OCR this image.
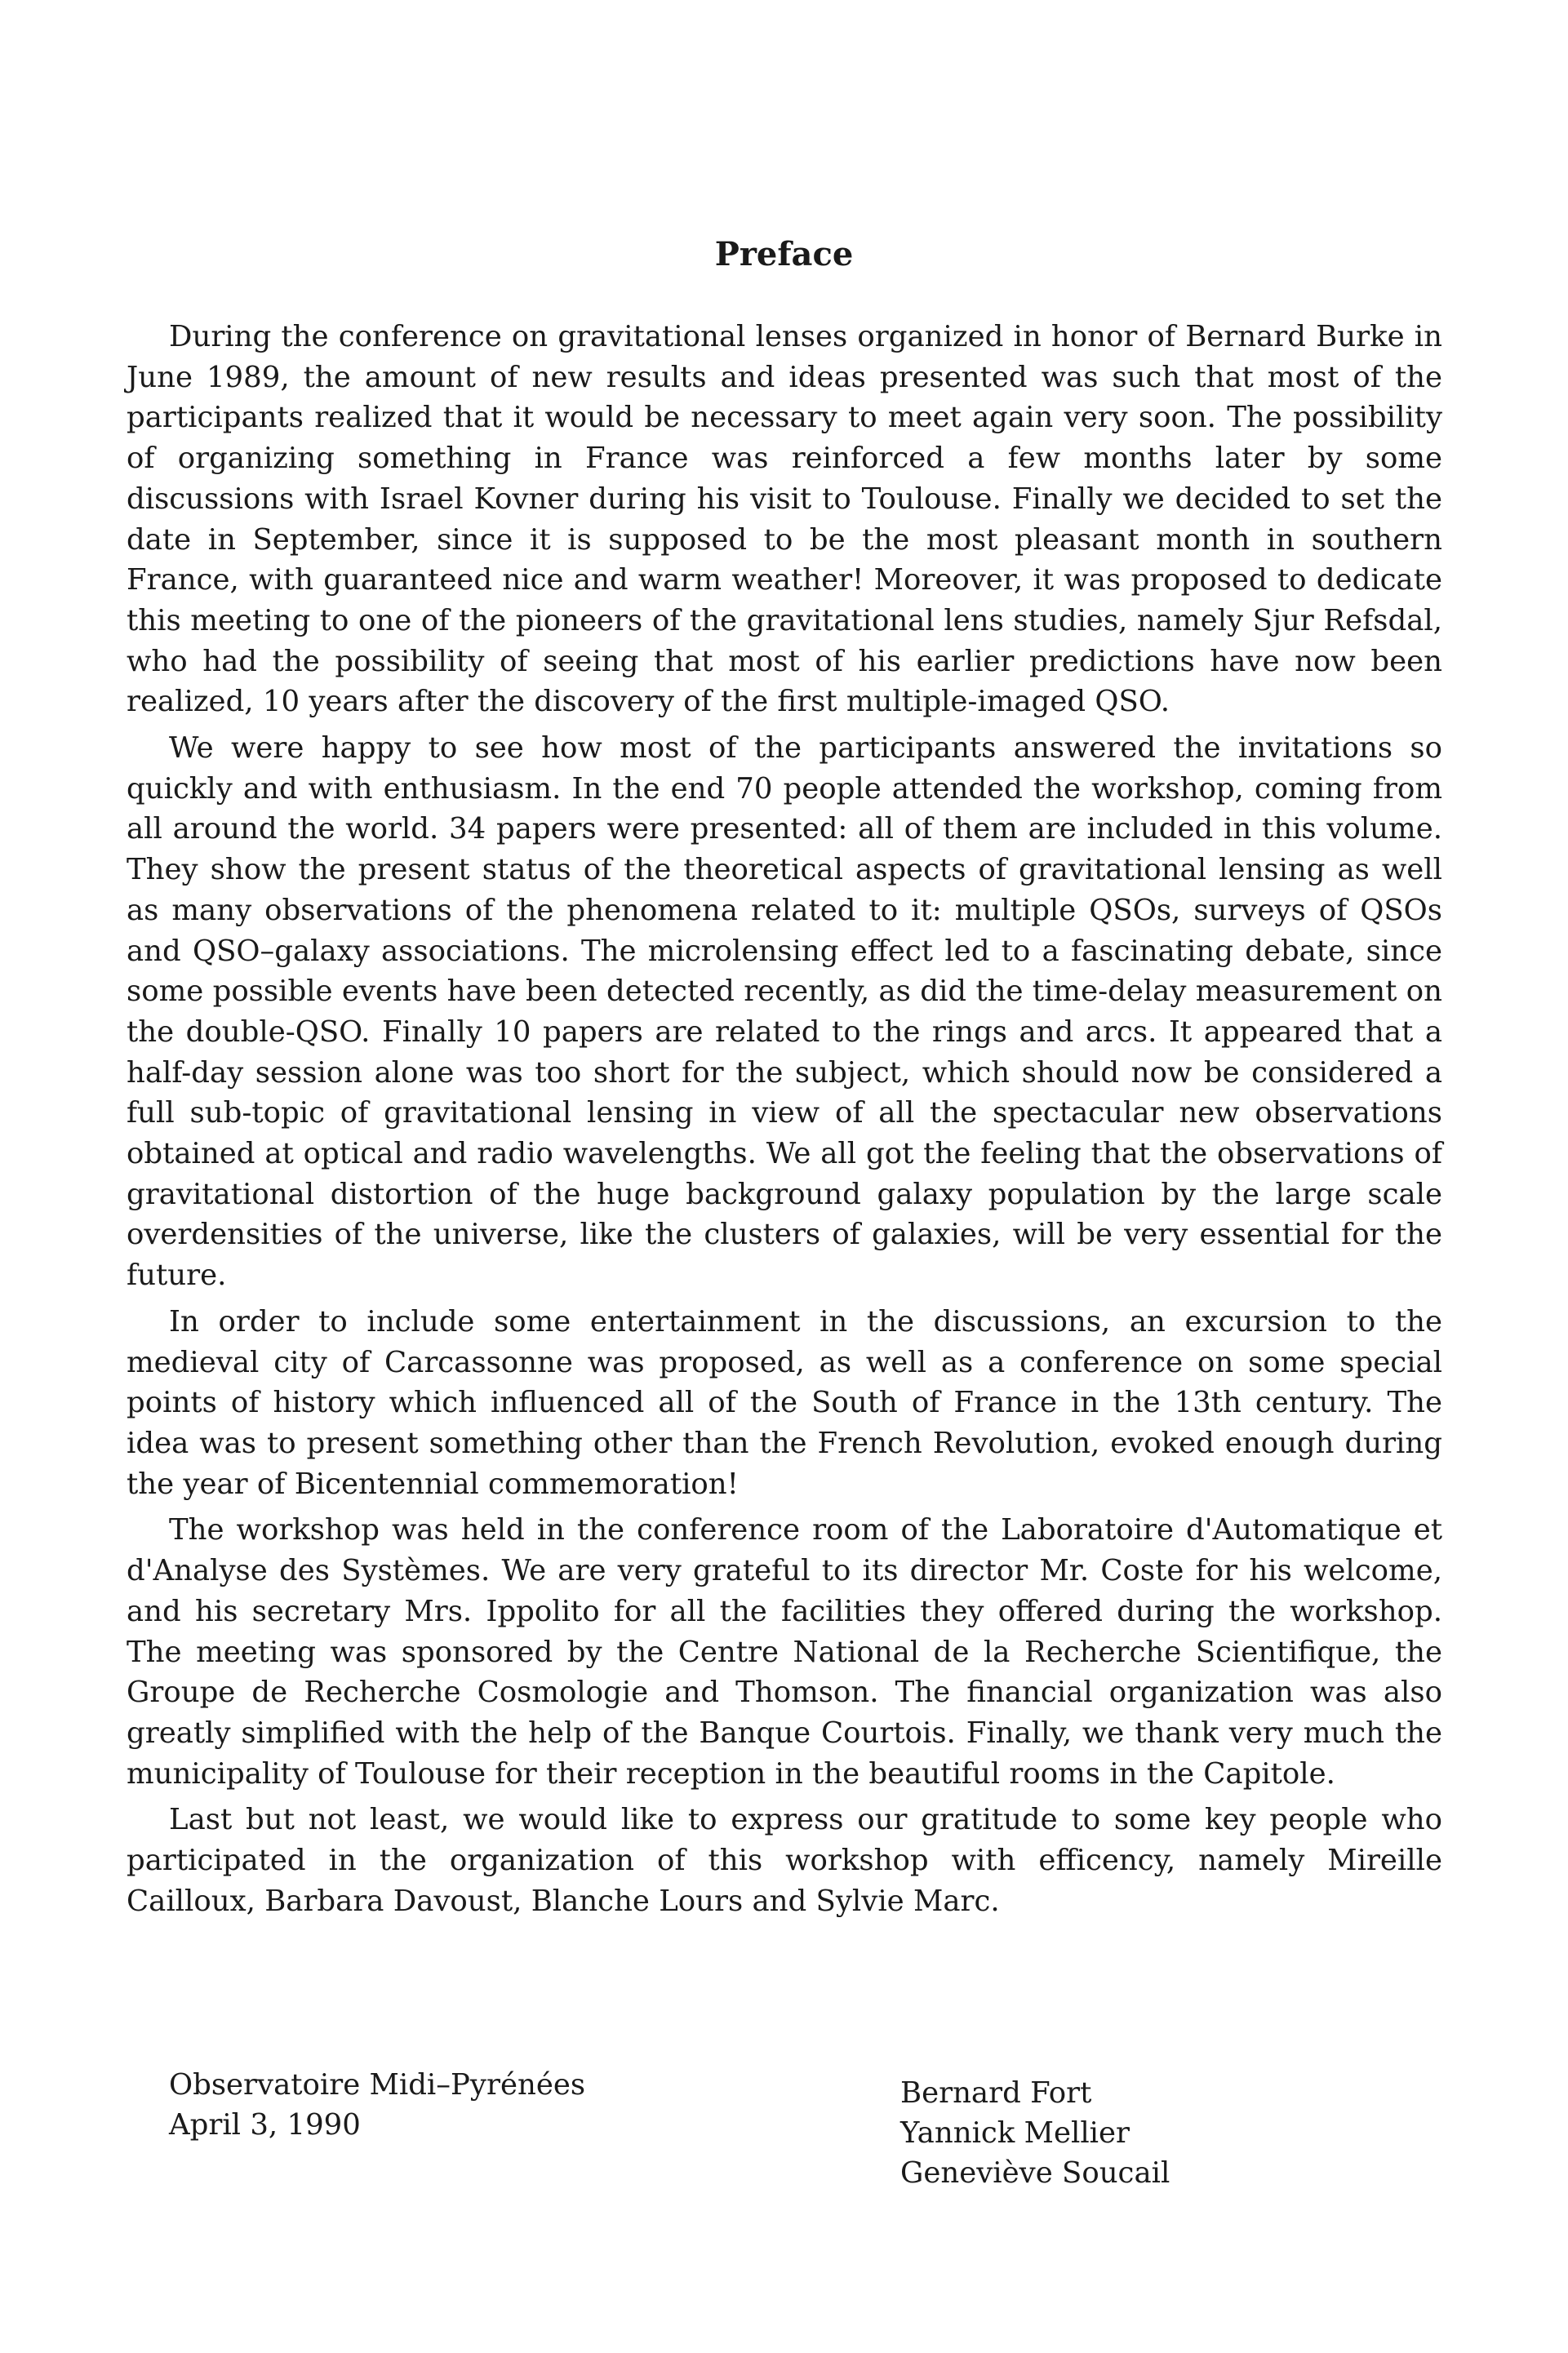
Preface

During the conference on gravitational lenses organized in honor of Bernard Burke in June 1989, the amount of new results and ideas presented was such that most of the participants realized that it would be necessary to meet again very soon. The possibility of organizing something in France was reinforced a few months later by some discussions with Israel Kovner during his visit to Toulouse. Finally we decided to set the date in September, since it is supposed to be the most pleasant month in southern France, with guaranteed nice and warm weather! Moreover, it was proposed to dedicate this meeting to one of the pioneers of the gravitational lens studies, namely Sjur Refsdal, who had the possibility of seeing that most of his earlier predictions have now been realized, 10 years after the discovery of the first multiple-imaged QSO.

We were happy to see how most of the participants answered the invitations so quickly and with enthusiasm. In the end 70 people attended the workshop, coming from all around the world. 34 papers were presented: all of them are included in this volume. They show the present status of the theoretical aspects of gravitational lensing as well as many observations of the phenomena related to it: multiple QSOs, surveys of QSOs and QSO–galaxy associations. The microlensing effect led to a fascinating debate, since some possible events have been detected recently, as did the time-delay measurement on the double-QSO. Finally 10 papers are related to the rings and arcs. It appeared that a half-day session alone was too short for the subject, which should now be considered a full sub-topic of gravitational lensing in view of all the spectacular new observations obtained at optical and radio wavelengths. We all got the feeling that the observations of gravitational distortion of the huge background galaxy population by the large scale overdensities of the universe, like the clusters of galaxies, will be very essential for the future.

In order to include some entertainment in the discussions, an excursion to the medieval city of Carcassonne was proposed, as well as a conference on some special points of history which influenced all of the South of France in the 13th century. The idea was to present something other than the French Revolution, evoked enough during the year of Bicentennial commemoration!

The workshop was held in the conference room of the Laboratoire d'Automatique et d'Analyse des Systèmes. We are very grateful to its director Mr. Coste for his welcome, and his secretary Mrs. Ippolito for all the facilities they offered during the workshop. The meeting was sponsored by the Centre National de la Recherche Scientifique, the Groupe de Recherche Cosmologie and Thomson. The financial organization was also greatly simplified with the help of the Banque Courtois. Finally, we thank very much the municipality of Toulouse for their reception in the beautiful rooms in the Capitole.

Last but not least, we would like to express our gratitude to some key people who participated in the organization of this workshop with efficency, namely Mireille Cailloux, Barbara Davoust, Blanche Lours and Sylvie Marc.

Observatoire Midi–Pyrénées

April 3, 1990

Bernard Fort

Yannick Mellier

Geneviève Soucail
